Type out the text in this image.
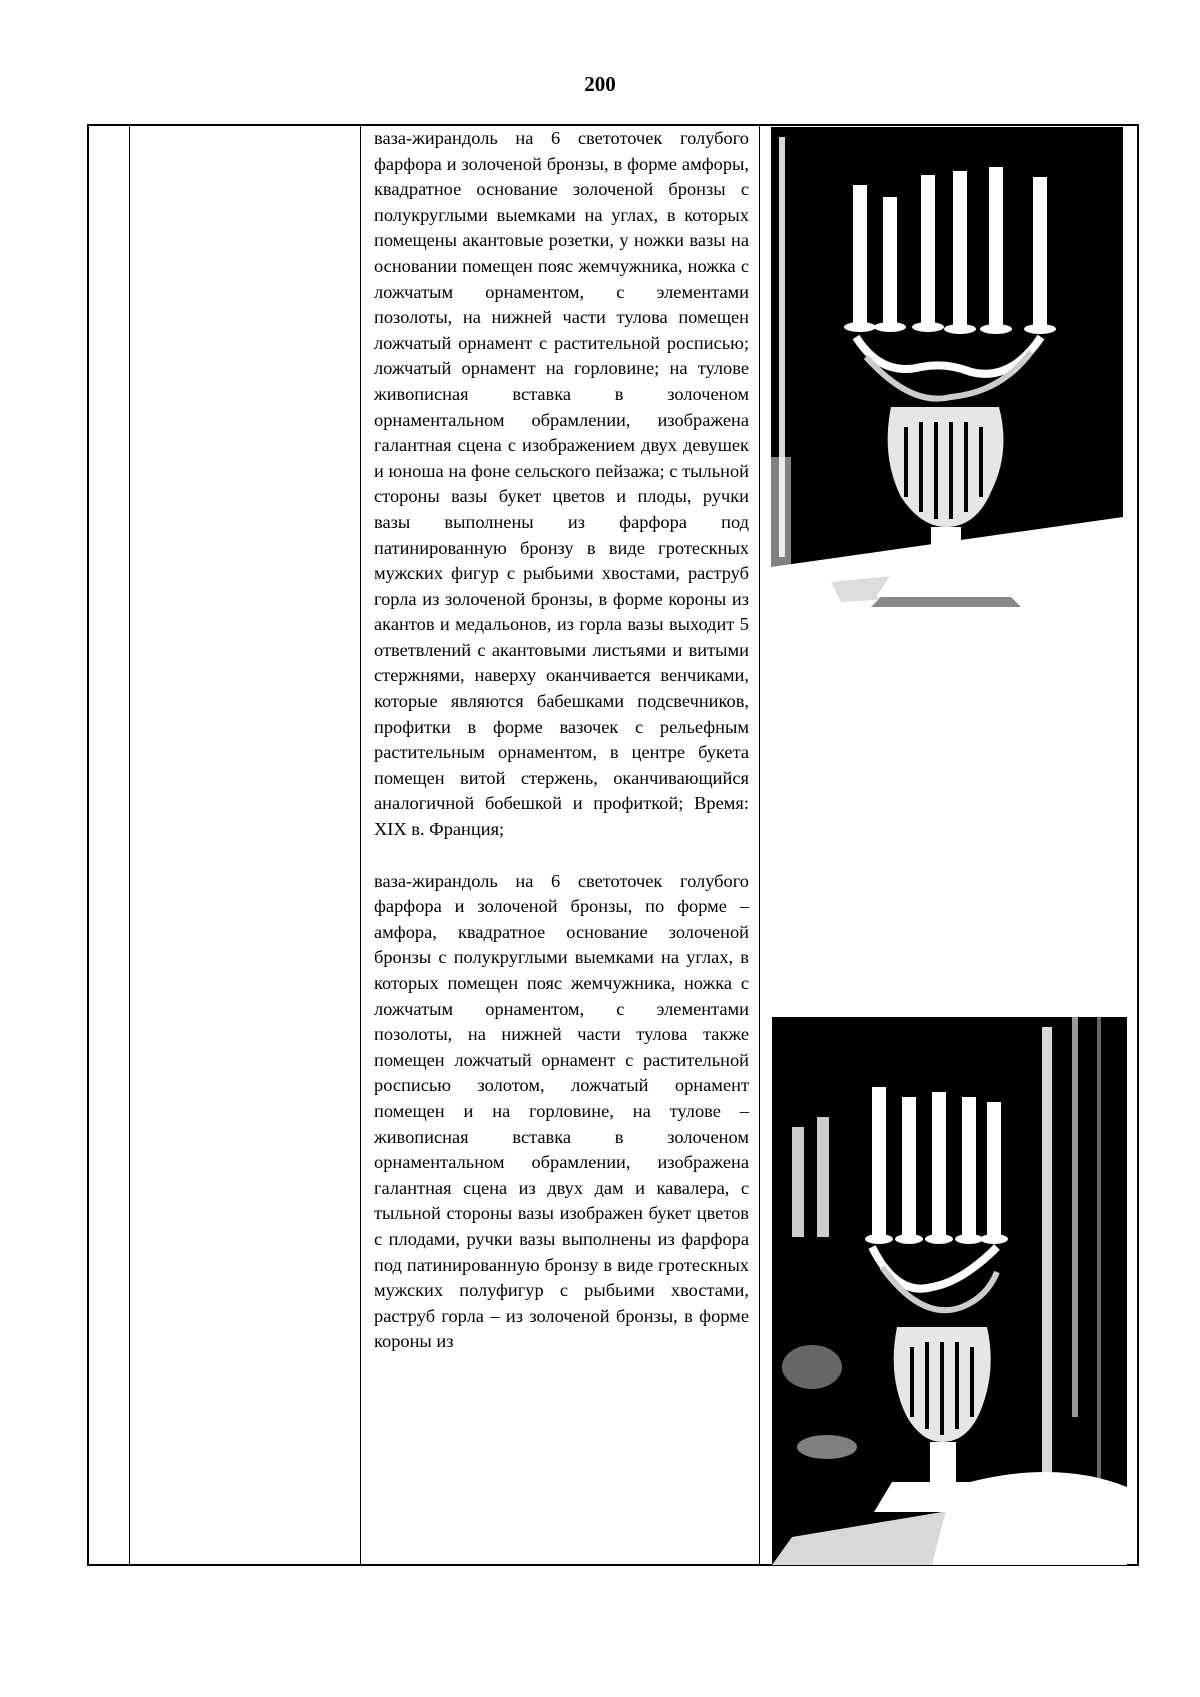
200

ваза-жирандоль на 6 светоточек голубого фарфора и золоченой бронзы, в форме амфоры, квадратное основание золоченой бронзы с полукруглыми выемками на углах, в которых помещены акантовые розетки, у ножки вазы на основании помещен пояс жемчужника, ножка с ложчатым орнаментом, с элементами позолоты, на нижней части тулова помещен ложчатый орнамент с растительной росписью; ложчатый орнамент на горловине; на тулове живописная вставка в золоченом орнаментальном обрамлении, изображена галантная сцена с изображением двух девушек и юноша на фоне сельского пейзажа; с тыльной стороны вазы букет цветов и плоды, ручки вазы выполнены из фарфора под патинированную бронзу в виде гротескных мужских фигур с рыбьими хвостами, раструб горла из золоченой бронзы, в форме короны из акантов и медальонов, из горла вазы выходит 5 ответвлений с акантовыми листьями и витыми стержнями, наверху оканчивается венчиками, которые являются бабешками подсвечников, профитки в форме вазочек с рельефным растительным орнаментом, в центре букета помещен витой стержень, оканчивающийся аналогичной бобешкой и профиткой; Время: XIX в. Франция;

ваза-жирандоль на 6 светоточек голубого фарфора и золоченой бронзы, по форме – амфора, квадратное основание золоченой бронзы с полукруглыми выемками на углах, в которых помещен пояс жемчужника, ножка с ложчатым орнаментом, с элементами позолоты, на нижней части тулова также помещен ложчатый орнамент с растительной росписью золотом, ложчатый орнамент помещен и на горловине, на тулове – живописная вставка в золоченом орнаментальном обрамлении, изображена галантная сцена из двух дам и кавалера, с тыльной стороны вазы изображен букет цветов с плодами, ручки вазы выполнены из фарфора под патинированную бронзу в виде гротескных мужских полуфигур с рыбьими хвостами, раструб горла – из золоченой бронзы, в форме короны из
